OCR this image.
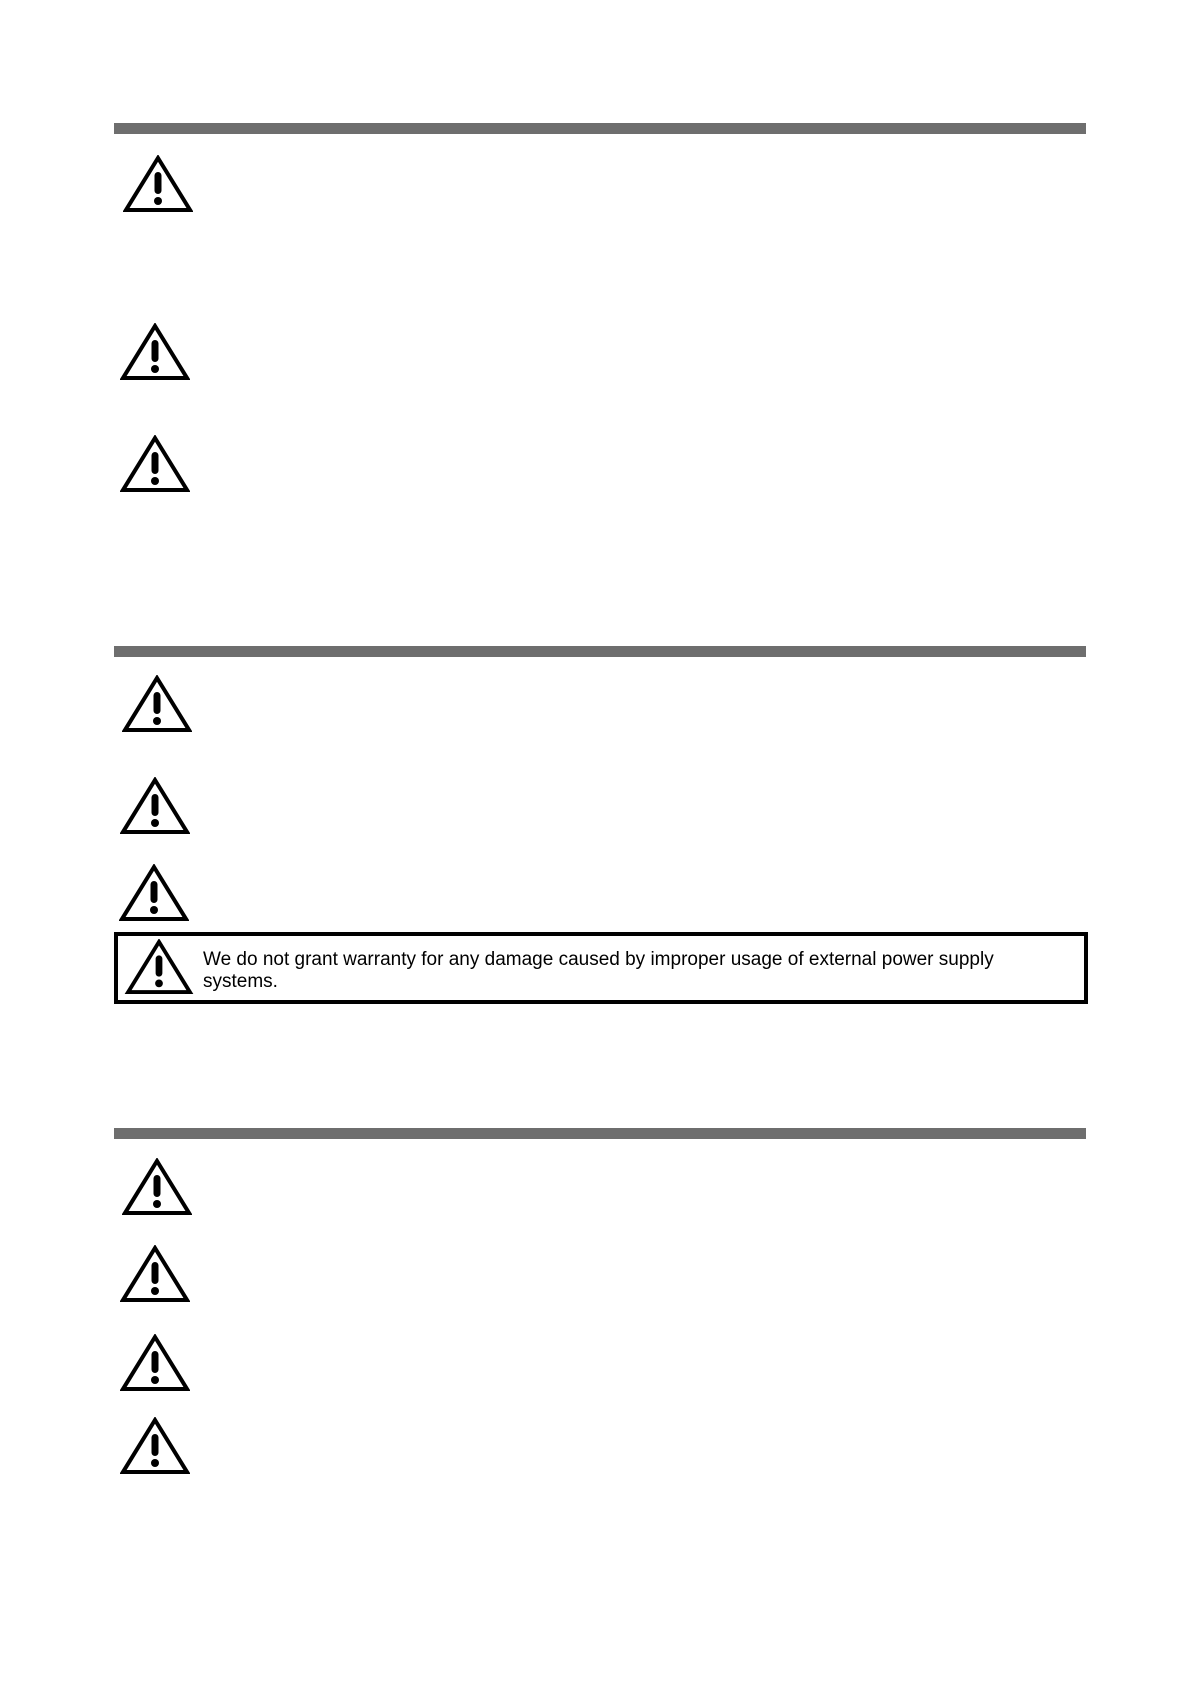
We do not grant warranty for any damage caused by improper usage of external power supply systems.
